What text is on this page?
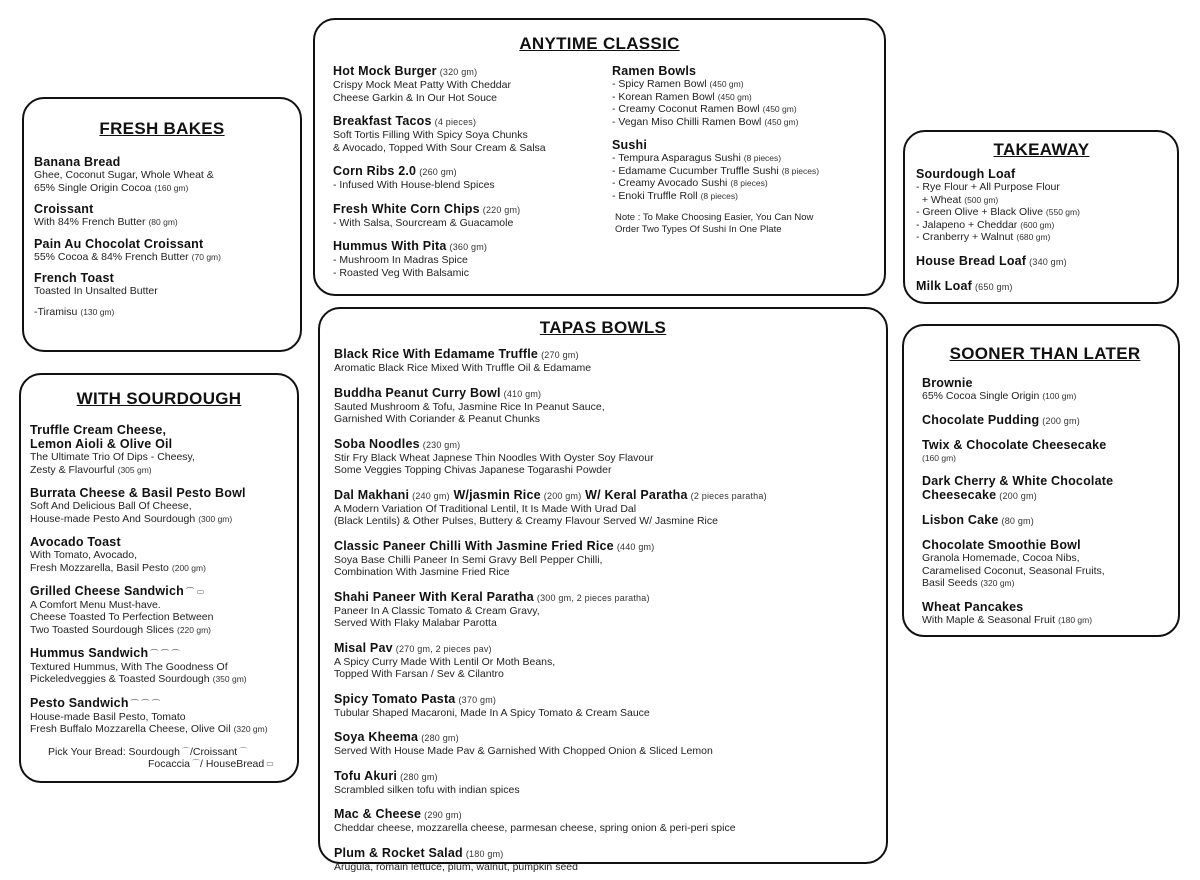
FRESH BAKES
Banana Bread
Ghee, Coconut Sugar, Whole Wheat &
65% Single Origin Cocoa (160 gm)
Croissant
With 84% French Butter (80 gm)
Pain Au Chocolat Croissant
55% Cocoa & 84% French Butter (70 gm)
French Toast
Toasted In Unsalted Butter
-Tiramisu (130 gm)
WITH SOURDOUGH
Truffle Cream Cheese,
Lemon Aioli & Olive Oil
The Ultimate Trio Of Dips - Cheesy,
Zesty & Flavourful (305 gm)
Burrata Cheese & Basil Pesto Bowl
Soft And Delicious Ball Of Cheese,
House-made Pesto And Sourdough (300 gm)
Avocado Toast
With Tomato, Avocado,
Fresh Mozzarella, Basil Pesto (200 gm)
Grilled Cheese Sandwich ⌒ ▭
A Comfort Menu Must-have.
Cheese Toasted To Perfection Between
Two Toasted Sourdough Slices (220 gm)
Hummus Sandwich ⌒ ⌒ ⌒
Textured Hummus, With The Goodness Of
Pickeledveggies & Toasted Sourdough (350 gm)
Pesto Sandwich ⌒ ⌒ ⌒
House-made Basil Pesto, Tomato
Fresh Buffalo Mozzarella Cheese, Olive Oil (320 gm)
Pick Your Bread: Sourdough ⌒/Croissant ⌒
Focaccia ⌒/ HouseBread ▭
ANYTIME CLASSIC
Hot Mock Burger (320 gm)
Crispy Mock Meat Patty With Cheddar
Cheese Garkin & In Our Hot Souce
Breakfast Tacos (4 pieces)
Soft Tortis Filling With Spicy Soya Chunks
& Avocado, Topped With Sour Cream & Salsa
Corn Ribs 2.0 (260 gm)
- Infused With House-blend Spices
Fresh White Corn Chips (220 gm)
- With Salsa, Sourcream & Guacamole
Hummus With Pita (360 gm)
- Mushroom In Madras Spice
- Roasted Veg With Balsamic
Ramen Bowls
- Spicy Ramen Bowl (450 gm)
- Korean Ramen Bowl (450 gm)
- Creamy Coconut Ramen Bowl (450 gm)
- Vegan Miso Chilli Ramen Bowl (450 gm)
Sushi
- Tempura Asparagus Sushi (8 pieces)
- Edamame Cucumber Truffle Sushi (8 pieces)
- Creamy Avocado Sushi (8 pieces)
- Enoki Truffle Roll (8 pieces)
Note : To Make Choosing Easier, You Can Now
Order Two Types Of Sushi In One Plate
TAPAS BOWLS
Black Rice With Edamame Truffle (270 gm)
Aromatic Black Rice Mixed With Truffle Oil & Edamame
Buddha Peanut Curry Bowl (410 gm)
Sauted Mushroom & Tofu, Jasmine Rice In Peanut Sauce,
Garnished With Coriander & Peanut Chunks
Soba Noodles (230 gm)
Stir Fry Black Wheat Japnese Thin Noodles With Oyster Soy Flavour
Some Veggies Topping Chivas Japanese Togarashi Powder
Dal Makhani (240 gm) W/jasmin Rice (200 gm) W/ Keral Paratha (2 pieces paratha)
A Modern Variation Of Traditional Lentil, It Is Made With Urad Dal
(Black Lentils) & Other Pulses, Buttery & Creamy Flavour Served W/ Jasmine Rice
Classic Paneer Chilli With Jasmine Fried Rice (440 gm)
Soya Base Chilli Paneer In Semi Gravy Bell Pepper Chilli,
Combination With Jasmine Fried Rice
Shahi Paneer With Keral Paratha (300 gm, 2 pieces paratha)
Paneer In A Classic Tomato & Cream Gravy,
Served With Flaky Malabar Parotta
Misal Pav (270 gm, 2 pieces pav)
A Spicy Curry Made With Lentil Or Moth Beans,
Topped With Farsan / Sev & Cilantro
Spicy Tomato Pasta (370 gm)
Tubular Shaped Macaroni, Made In A Spicy Tomato & Cream Sauce
Soya Kheema (280 gm)
Served With House Made Pav & Garnished With Chopped Onion & Sliced Lemon
Tofu Akuri (280 gm)
Scrambled silken tofu with indian spices
Mac & Cheese (290 gm)
Cheddar cheese, mozzarella cheese, parmesan cheese, spring onion & peri-peri spice
Plum & Rocket Salad (180 gm)
Arugula, romain lettuce, plum, walnut, pumpkin seed
TAKEAWAY
Sourdough Loaf
- Rye Flour + All Purpose Flour
+ Wheat (500 gm)
- Green Olive + Black Olive (550 gm)
- Jalapeno + Cheddar (600 gm)
- Cranberry + Walnut (680 gm)
House Bread Loaf (340 gm)
Milk Loaf (650 gm)
SOONER THAN LATER
Brownie
65% Cocoa Single Origin (100 gm)
Chocolate Pudding (200 gm)
Twix & Chocolate Cheesecake
(160 gm)
Dark Cherry & White Chocolate
Cheesecake (200 gm)
Lisbon Cake (80 gm)
Chocolate Smoothie Bowl
Granola Homemade, Cocoa Nibs,
Caramelised Coconut, Seasonal Fruits,
Basil Seeds (320 gm)
Wheat Pancakes
With Maple & Seasonal Fruit (180 gm)
